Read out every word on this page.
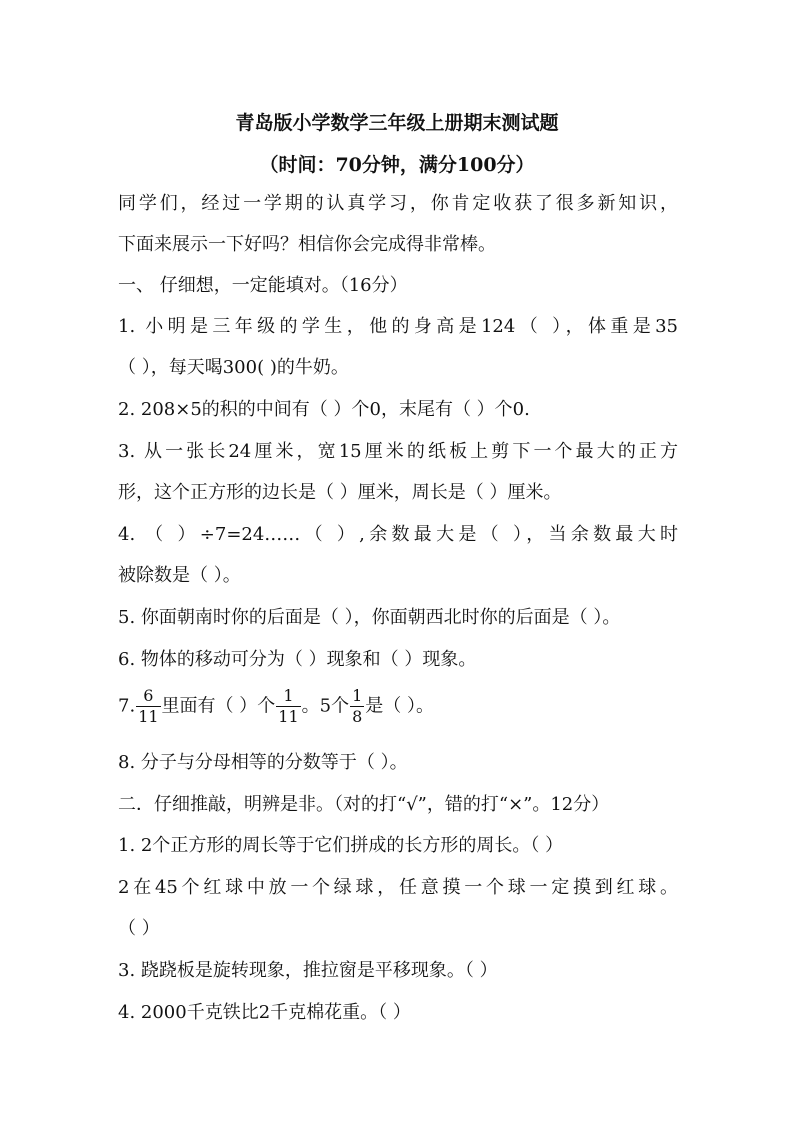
青岛版小学数学三年级上册期末测试题
（时间：70分钟，满分100分）
同学们，经过一学期的认真学习，你肯定收获了很多新知识，
下面来展示一下好吗？相信你会完成得非常棒。
一、 仔细想，一定能填对。（16分）
1. 小明是三年级的学生，他的身高是124（ ），体重是35
（ ），每天喝300( )的牛奶。
2. 208×5的积的中间有（ ）个0，末尾有（ ）个0.
3. 从一张长24厘米，宽15厘米的纸板上剪下一个最大的正方
形，这个正方形的边长是（ ）厘米，周长是（ ）厘米。
4. （ ）÷7=24……（ ）,余数最大是（ ），当余数最大时
被除数是（ ）。
5. 你面朝南时你的后面是（ ），你面朝西北时你的后面是（ ）。
6. 物体的移动可分为（ ）现象和（ ）现象。
7. $\frac{6}{11}$ 里面有（ ）个 $\frac{1}{11}$ 。5个 $\frac{1}{8}$ 是（ ）。
8. 分子与分母相等的分数等于（ ）。
二．仔细推敲，明辨是非。（对的打“√”，错的打“×”。12分）
1. 2个正方形的周长等于它们拼成的长方形的周长。（ ）
2在45个红球中放一个绿球，任意摸一个球一定摸到红球。
（ ）
3. 跷跷板是旋转现象，推拉窗是平移现象。（ ）
4. 2000千克铁比2千克棉花重。（ ）
